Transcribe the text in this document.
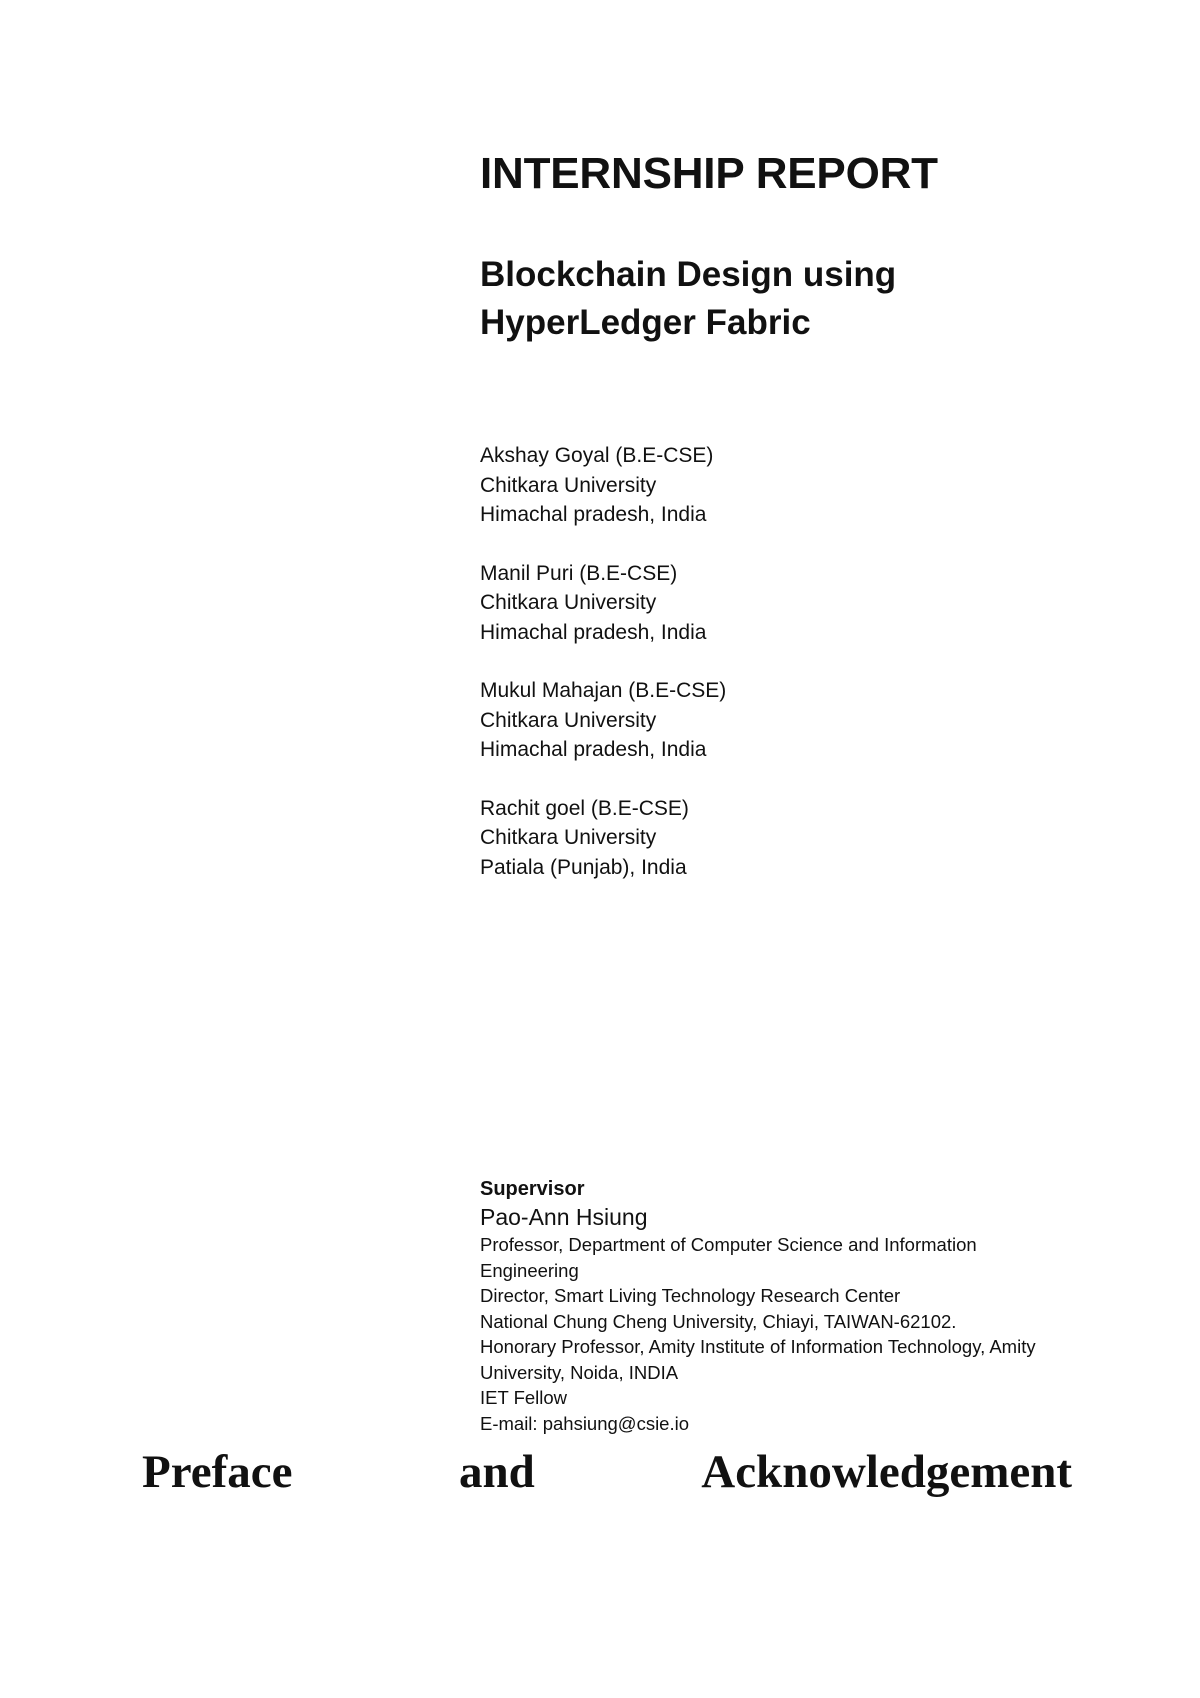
INTERNSHIP REPORT
Blockchain Design using
HyperLedger Fabric
Akshay Goyal (B.E-CSE)
Chitkara University
Himachal pradesh, India
Manil Puri (B.E-CSE)
Chitkara University
Himachal pradesh, India
Mukul Mahajan (B.E-CSE)
Chitkara University
Himachal pradesh, India
Rachit goel (B.E-CSE)
Chitkara University
Patiala (Punjab), India
Supervisor
Pao-Ann Hsiung
Professor, Department of Computer Science and Information
Engineering
Director, Smart Living Technology Research Center
National Chung Cheng University, Chiayi, TAIWAN-62102.
Honorary Professor, Amity Institute of Information Technology, Amity
University, Noida, INDIA
IET Fellow
E-mail: pahsiung@csie.io
Preface	and	Acknowledgement
